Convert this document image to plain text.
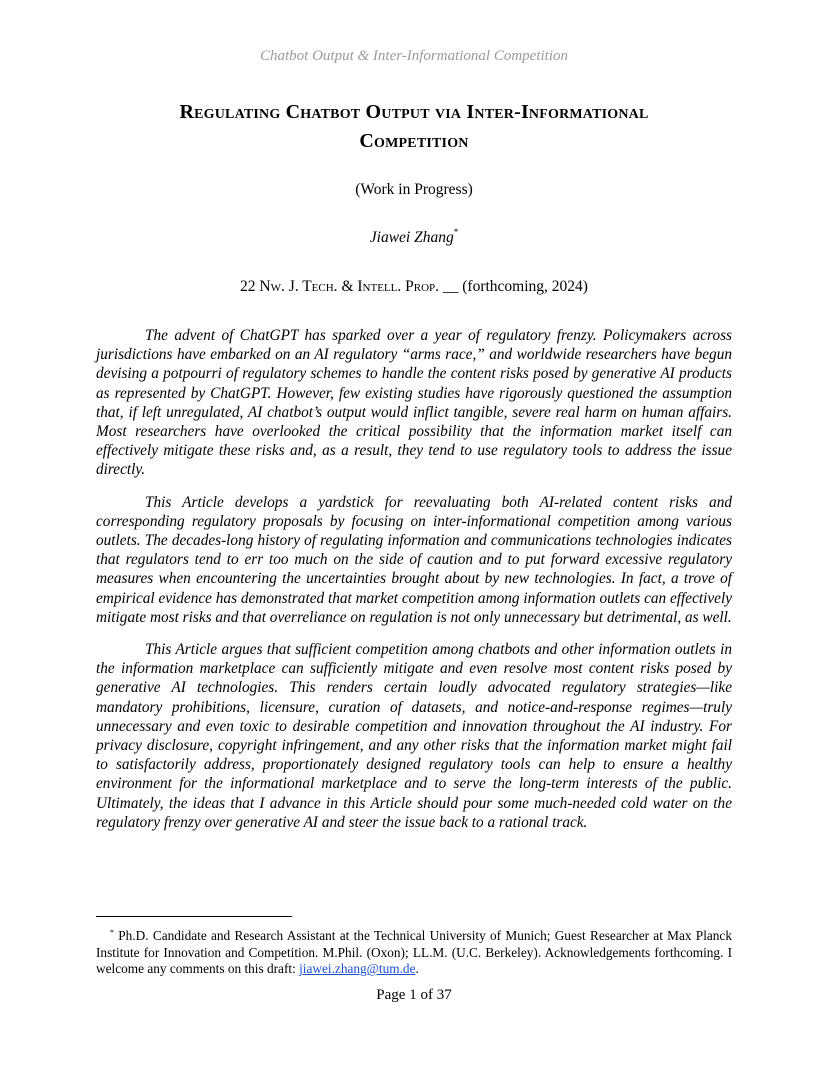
Chatbot Output & Inter-Informational Competition
Regulating Chatbot Output via Inter-Informational
Competition
(Work in Progress)
Jiawei Zhang*
22 Nw. J. Tech. & Intell. Prop. __ (forthcoming, 2024)

The advent of ChatGPT has sparked over a year of regulatory frenzy. Policymakers across jurisdictions have embarked on an AI regulatory “arms race,” and worldwide researchers have begun devising a potpourri of regulatory schemes to handle the content risks posed by generative AI products as represented by ChatGPT. However, few existing studies have rigorously questioned the assumption that, if left unregulated, AI chatbot’s output would inflict tangible, severe real harm on human affairs. Most researchers have overlooked the critical possibility that the information market itself can effectively mitigate these risks and, as a result, they tend to use regulatory tools to address the issue directly.

This Article develops a yardstick for reevaluating both AI-related content risks and corresponding regulatory proposals by focusing on inter-informational competition among various outlets. The decades-long history of regulating information and communications technologies indicates that regulators tend to err too much on the side of caution and to put forward excessive regulatory measures when encountering the uncertainties brought about by new technologies. In fact, a trove of empirical evidence has demonstrated that market competition among information outlets can effectively mitigate most risks and that overreliance on regulation is not only unnecessary but detrimental, as well.

This Article argues that sufficient competition among chatbots and other information outlets in the information marketplace can sufficiently mitigate and even resolve most content risks posed by generative AI technologies. This renders certain loudly advocated regulatory strategies—like mandatory prohibitions, licensure, curation of datasets, and notice-and-response regimes—truly unnecessary and even toxic to desirable competition and innovation throughout the AI industry. For privacy disclosure, copyright infringement, and any other risks that the information market might fail to satisfactorily address, proportionately designed regulatory tools can help to ensure a healthy environment for the informational marketplace and to serve the long-term interests of the public. Ultimately, the ideas that I advance in this Article should pour some much-needed cold water on the regulatory frenzy over generative AI and steer the issue back to a rational track.

* Ph.D. Candidate and Research Assistant at the Technical University of Munich; Guest Researcher at Max Planck Institute for Innovation and Competition. M.Phil. (Oxon); LL.M. (U.C. Berkeley). Acknowledgements forthcoming. I welcome any comments on this draft: jiawei.zhang@tum.de.
Page 1 of 37
